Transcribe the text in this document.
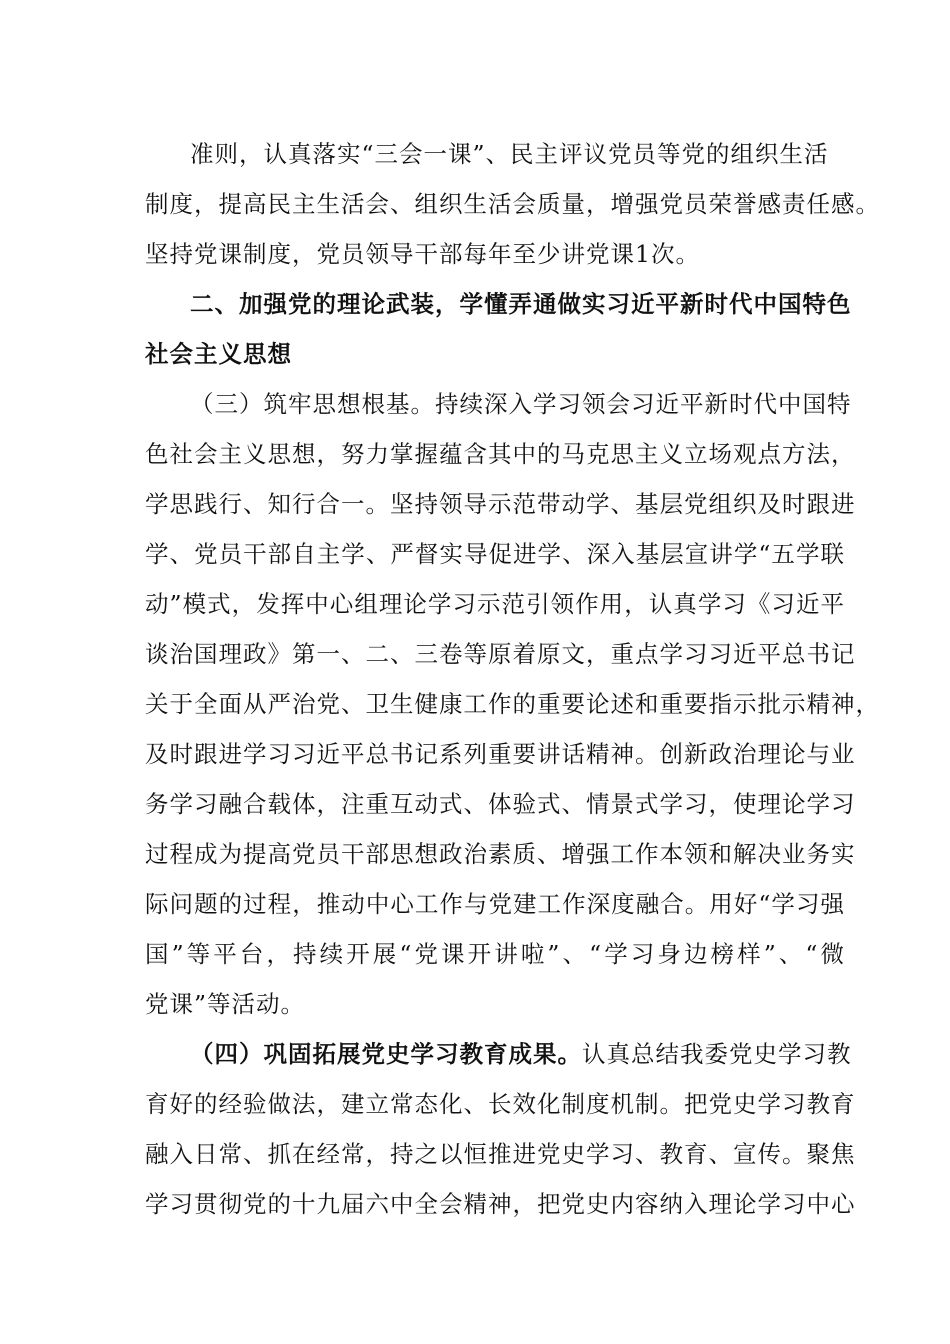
准则，认真落实“三会一课”、民主评议党员等党的组织生活
制度，提高民主生活会、组织生活会质量，增强党员荣誉感责任感。
坚持党课制度，党员领导干部每年至少讲党课1次。
二、加强党的理论武装，学懂弄通做实习近平新时代中国特色
社会主义思想
（三）筑牢思想根基。持续深入学习领会习近平新时代中国特
色社会主义思想，努力掌握蕴含其中的马克思主义立场观点方法，
学思践行、知行合一。坚持领导示范带动学、基层党组织及时跟进
学、党员干部自主学、严督实导促进学、深入基层宣讲学“五学联
动”模式，发挥中心组理论学习示范引领作用，认真学习《习近平
谈治国理政》第一、二、三卷等原着原文，重点学习习近平总书记
关于全面从严治党、卫生健康工作的重要论述和重要指示批示精神，
及时跟进学习习近平总书记系列重要讲话精神。创新政治理论与业
务学习融合载体，注重互动式、体验式、情景式学习，使理论学习
过程成为提高党员干部思想政治素质、增强工作本领和解决业务实
际问题的过程，推动中心工作与党建工作深度融合。用好“学习强
国”等平台，持续开展“党课开讲啦”、“学习身边榜样”、“微
党课”等活动。
（四）巩固拓展党史学习教育成果。认真总结我委党史学习教
育好的经验做法，建立常态化、长效化制度机制。把党史学习教育
融入日常、抓在经常，持之以恒推进党史学习、教育、宣传。聚焦
学习贯彻党的十九届六中全会精神，把党史内容纳入理论学习中心
